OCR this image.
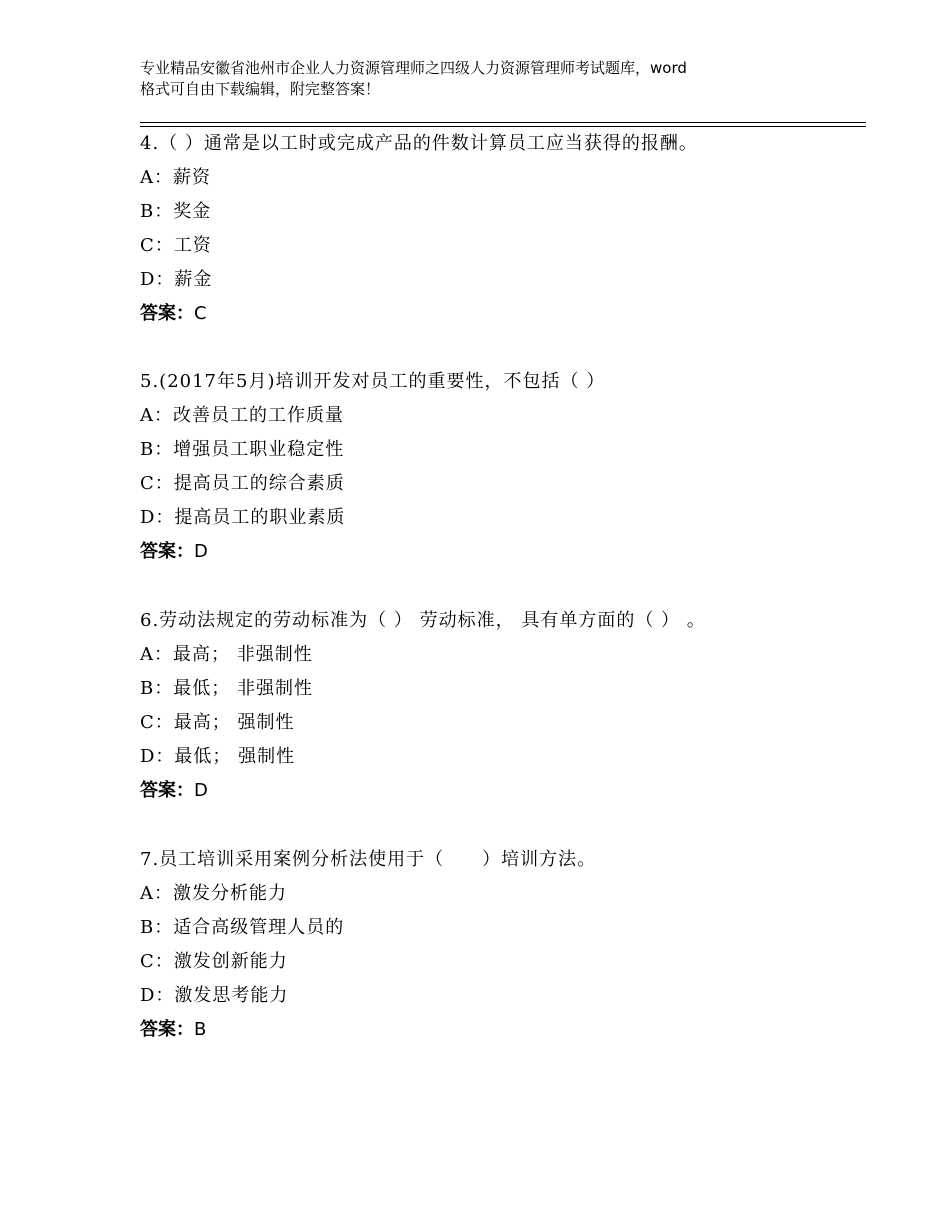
专业精品安徽省池州市企业人力资源管理师之四级人力资源管理师考试题库，word
格式可自由下载编辑，附完整答案！
4.（ ）通常是以工时或完成产品的件数计算员工应当获得的报酬。
A：薪资
B：奖金
C：工资
D：薪金
答案：C
5.(2017年5月)培训开发对员工的重要性，不包括（ ）
A：改善员工的工作质量
B：增强员工职业稳定性
C：提高员工的综合素质
D：提高员工的职业素质
答案：D
6.劳动法规定的劳动标准为（ ） 劳动标准， 具有单方面的（ ） 。
A：最高； 非强制性
B：最低； 非强制性
C：最高； 强制性
D：最低； 强制性
答案：D
7.员工培训采用案例分析法使用于（　　）培训方法。
A：激发分析能力
B：适合高级管理人员的
C：激发创新能力
D：激发思考能力
答案：B
